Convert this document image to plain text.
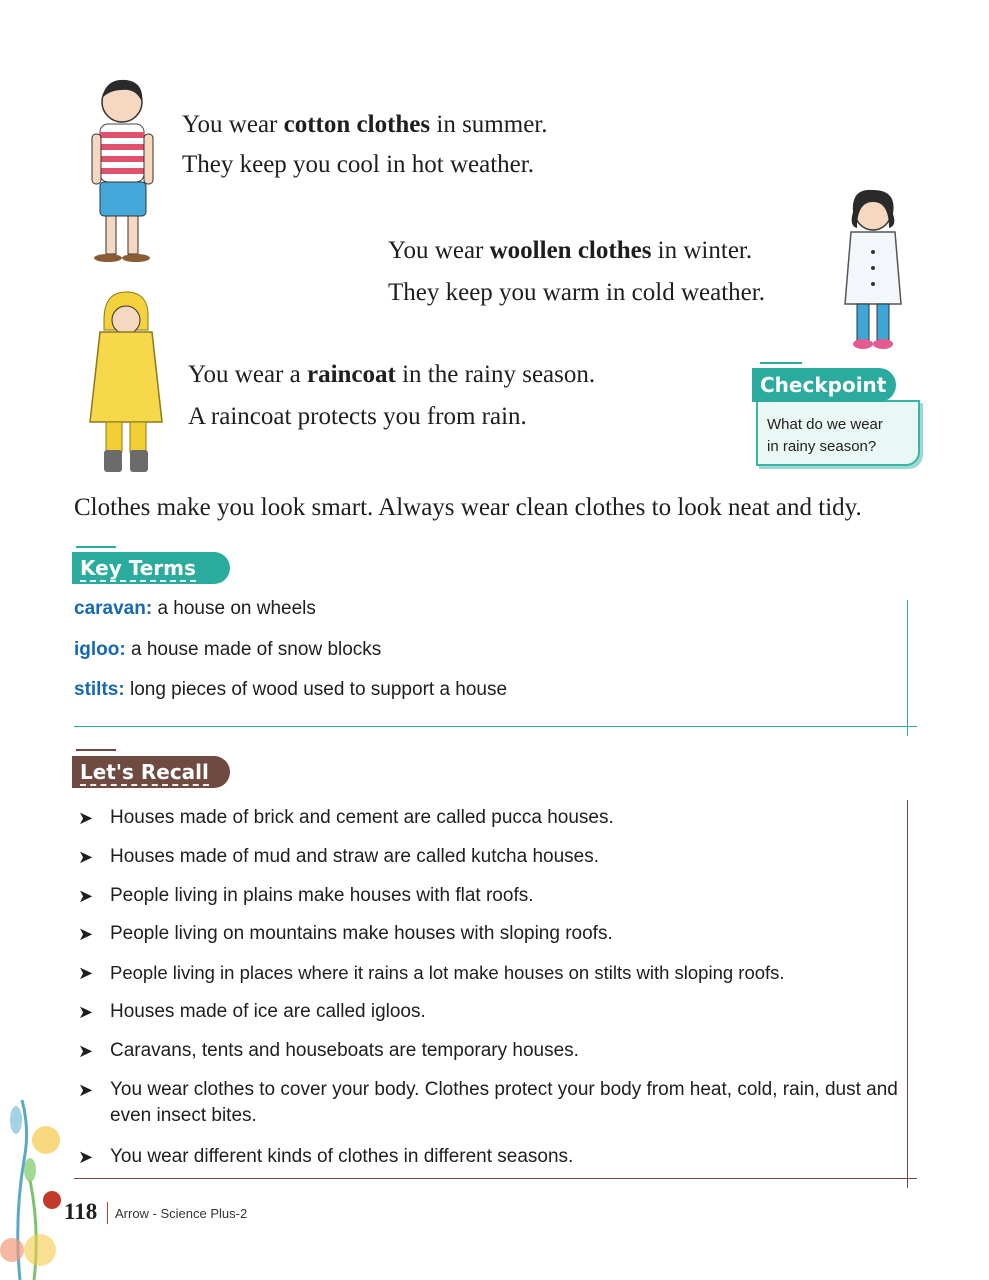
You wear cotton clothes in summer.
They keep you cool in hot weather.
You wear woollen clothes in winter.
They keep you warm in cold weather.
You wear a raincoat in the rainy season.
A raincoat protects you from rain.	What do we wear
in rainy season?
Checkpoint
Clothes make you look smart. Always wear clean clothes to look neat and tidy.
Key Terms
caravan: a house on wheels
igloo: a house made of snow blocks
stilts: long pieces of wood used to support a house
Let's Recall
➤ Houses made of brick and cement are called pucca houses.
➤ Houses made of mud and straw are called kutcha houses.
➤ People living in plains make houses with flat roofs.
➤ People living on mountains make houses with sloping roofs.
➤ People living in places where it rains a lot make houses on stilts with sloping roofs.
➤ Houses made of ice are called igloos.
➤ Caravans, tents and houseboats are temporary houses.
➤ You wear clothes to cover your body. Clothes protect your body from heat, cold, rain, dust and even insect bites.
➤ You wear different kinds of clothes in different seasons.
118 Arrow - Science Plus-2
